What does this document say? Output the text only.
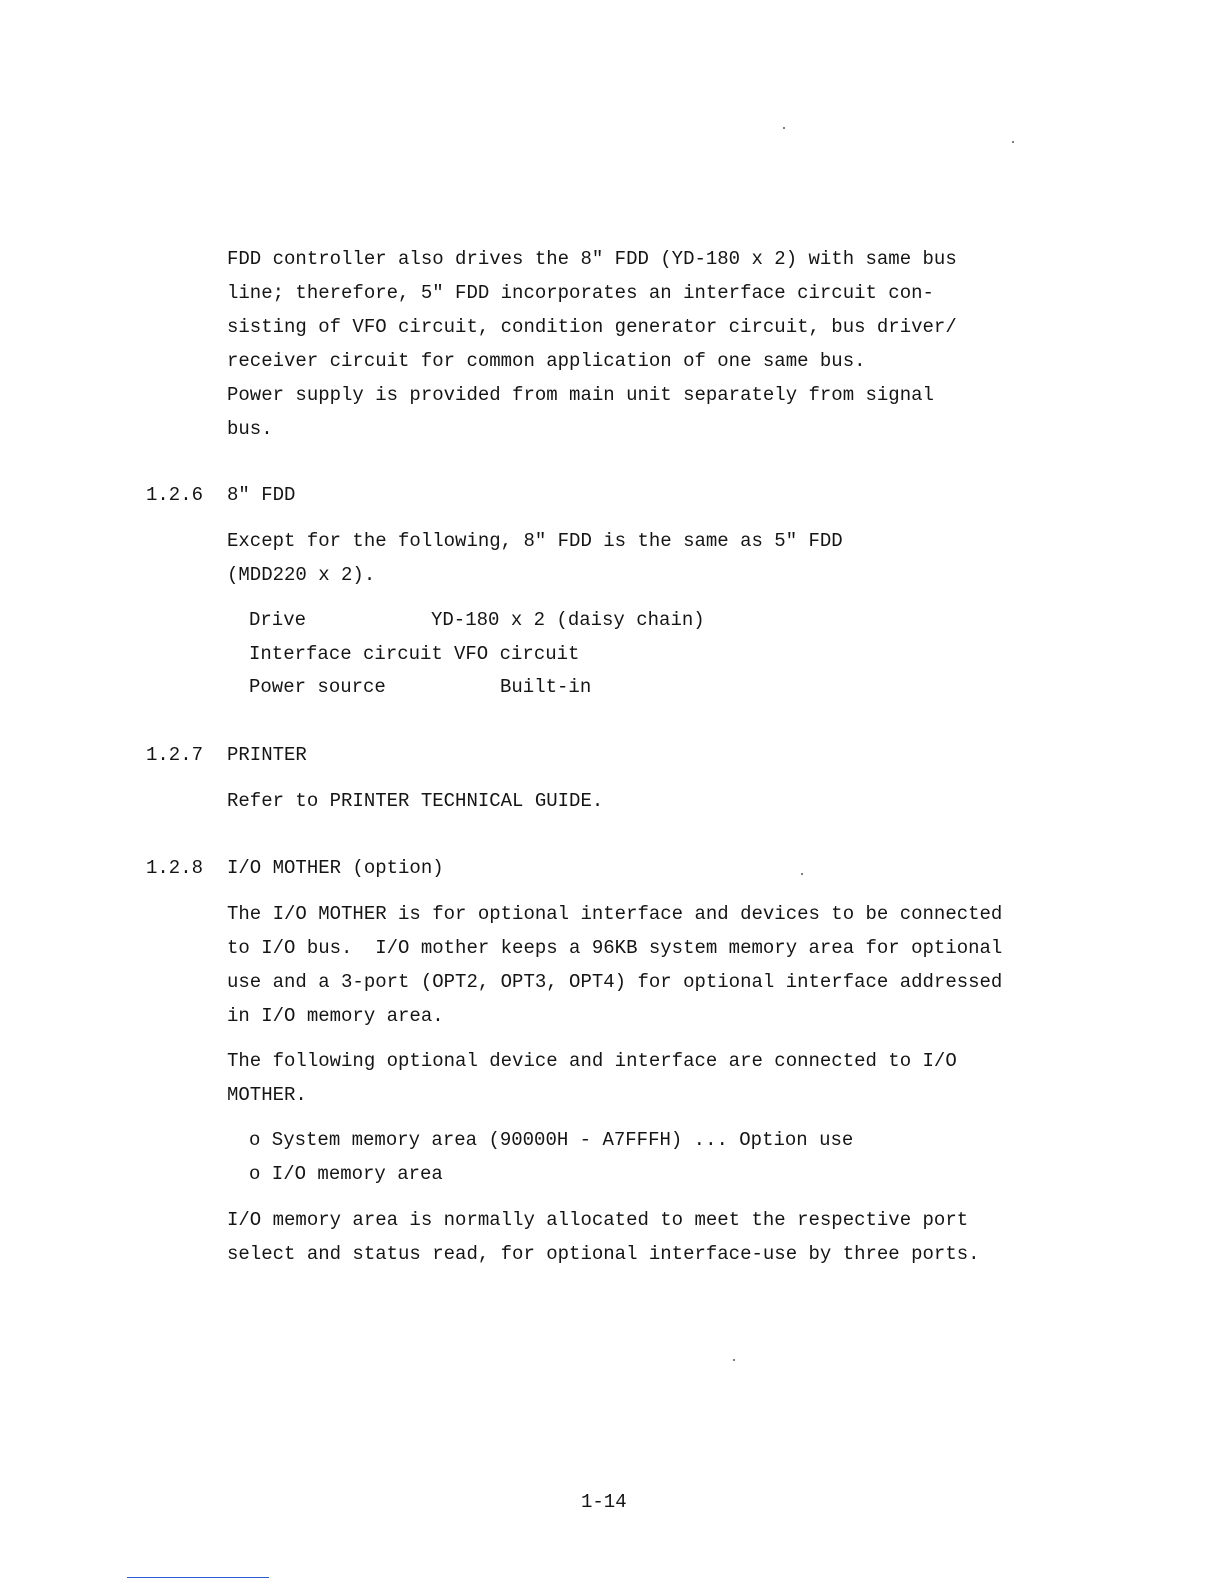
FDD controller also drives the 8" FDD (YD-180 x 2) with same bus

line; therefore, 5" FDD incorporates an interface circuit con-

sisting of VFO circuit, condition generator circuit, bus driver/

receiver circuit for common application of one same bus.

Power supply is provided from main unit separately from signal

bus.

1.2.6 8" FDD

Except for the following, 8" FDD is the same as 5" FDD

(MDD220 x 2).

Drive	YD-180 x 2 (daisy chain)
Interface circuit VFO circuit
Power source	Built-in
1.2.7 PRINTER

Refer to PRINTER TECHNICAL GUIDE.

1.2.8 I/O MOTHER (option)

The I/O MOTHER is for optional interface and devices to be connected

to I/O bus.  I/O mother keeps a 96KB system memory area for optional

use and a 3-port (OPT2, OPT3, OPT4) for optional interface addressed

in I/O memory area.

The following optional device and interface are connected to I/O

MOTHER.

o System memory area (90000H - A7FFFH) ... Option use

o I/O memory area

I/O memory area is normally allocated to meet the respective port

select and status read, for optional interface-use by three ports.

1-14
